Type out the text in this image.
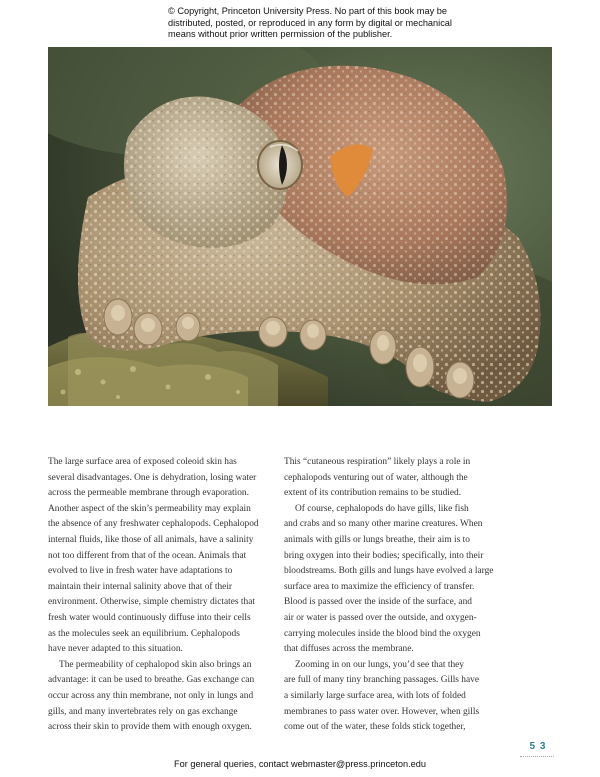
© Copyright, Princeton University Press. No part of this book may be
distributed, posted, or reproduced in any form by digital or mechanical
means without prior written permission of the publisher.
The large surface area of exposed coleoid skin has
several disadvantages. One is dehydration, losing water
across the permeable membrane through evaporation.
Another aspect of the skin’s permeability may explain
the absence of any freshwater cephalopods. Cephalopod
internal fluids, like those of all animals, have a salinity
not too different from that of the ocean. Animals that
evolved to live in fresh water have adaptations to
maintain their internal salinity above that of their
environment. Otherwise, simple chemistry dictates that
fresh water would continuously diffuse into their cells
as the molecules seek an equilibrium. Cephalopods
have never adapted to this situation.
The permeability of cephalopod skin also brings an
advantage: it can be used to breathe. Gas exchange can
occur across any thin membrane, not only in lungs and
gills, and many invertebrates rely on gas exchange
across their skin to provide them with enough oxygen.
This “cutaneous respiration” likely plays a role in
cephalopods venturing out of water, although the
extent of its contribution remains to be studied.
Of course, cephalopods do have gills, like fish
and crabs and so many other marine creatures. When
animals with gills or lungs breathe, their aim is to
bring oxygen into their bodies; specifically, into their
bloodstreams. Both gills and lungs have evolved a large
surface area to maximize the efficiency of transfer.
Blood is passed over the inside of the surface, and
air or water is passed over the outside, and oxygen-
carrying molecules inside the blood bind the oxygen
that diffuses across the membrane.
Zooming in on our lungs, you’d see that they
are full of many tiny branching passages. Gills have
a similarly large surface area, with lots of folded
membranes to pass water over. However, when gills
come out of the water, these folds stick together,
5 3
For general queries, contact webmaster@press.princeton.edu
